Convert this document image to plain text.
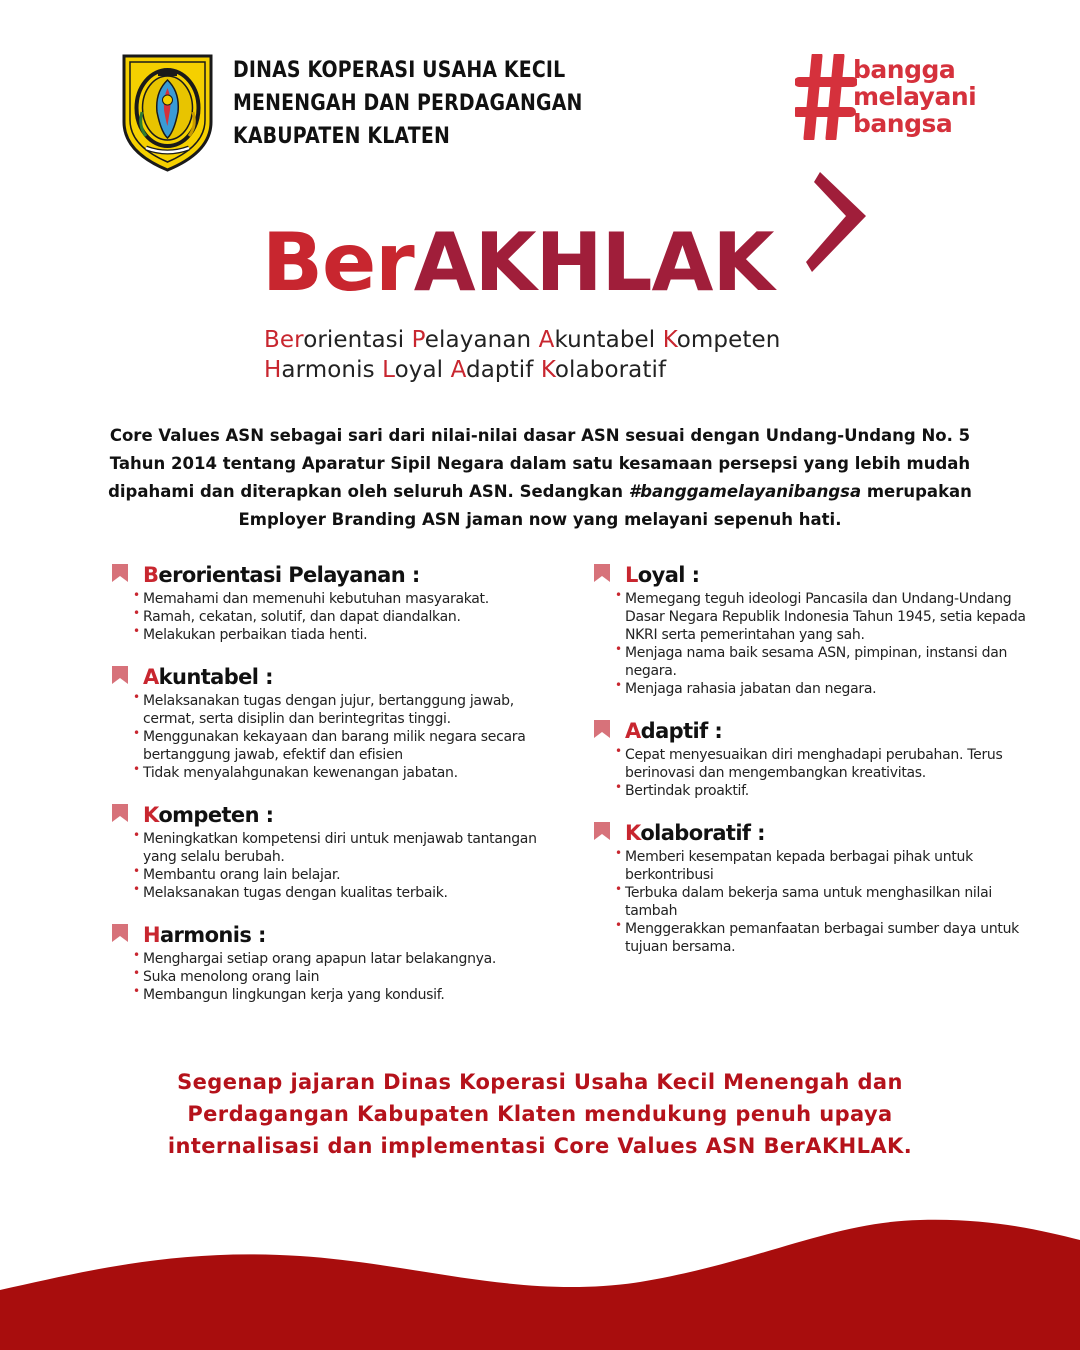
DINAS KOPERASI USAHA KECIL
MENENGAH DAN PERDAGANGAN
KABUPATEN KLATEN
bangga
melayani
bangsa
BerAKHLAK
Berorientasi Pelayanan Akuntabel Kompeten
Harmonis Loyal Adaptif Kolaboratif

Core Values ASN sebagai sari dari nilai-nilai dasar ASN sesuai dengan Undang-Undang No. 5 Tahun 2014 tentang Aparatur Sipil Negara dalam satu kesamaan persepsi yang lebih mudah dipahami dan diterapkan oleh seluruh ASN. Sedangkan #banggamelayanibangsa merupakan Employer Branding ASN jaman now yang melayani sepenuh hati.

Berorientasi Pelayanan :
• Memahami dan memenuhi kebutuhan masyarakat.
• Ramah, cekatan, solutif, dan dapat diandalkan.
• Melakukan perbaikan tiada henti.
Akuntabel :
• Melaksanakan tugas dengan jujur, bertanggung jawab, cermat, serta disiplin dan berintegritas tinggi.
• Menggunakan kekayaan dan barang milik negara secara bertanggung jawab, efektif dan efisien
• Tidak menyalahgunakan kewenangan jabatan.
Kompeten :
• Meningkatkan kompetensi diri untuk menjawab tantangan yang selalu berubah.
• Membantu orang lain belajar.
• Melaksanakan tugas dengan kualitas terbaik.
Harmonis :
• Menghargai setiap orang apapun latar belakangnya.
• Suka menolong orang lain
• Membangun lingkungan kerja yang kondusif.
Loyal :
• Memegang teguh ideologi Pancasila dan Undang-Undang Dasar Negara Republik Indonesia Tahun 1945, setia kepada NKRI serta pemerintahan yang sah.
• Menjaga nama baik sesama ASN, pimpinan, instansi dan negara.
• Menjaga rahasia jabatan dan negara.
Adaptif :
• Cepat menyesuaikan diri menghadapi perubahan. Terus berinovasi dan mengembangkan kreativitas.
• Bertindak proaktif.
Kolaboratif :
• Memberi kesempatan kepada berbagai pihak untuk berkontribusi
• Terbuka dalam bekerja sama untuk menghasilkan nilai tambah
• Menggerakkan pemanfaatan berbagai sumber daya untuk tujuan bersama.

Segenap jajaran Dinas Koperasi Usaha Kecil Menengah dan Perdagangan Kabupaten Klaten mendukung penuh upaya internalisasi dan implementasi Core Values ASN BerAKHLAK.
